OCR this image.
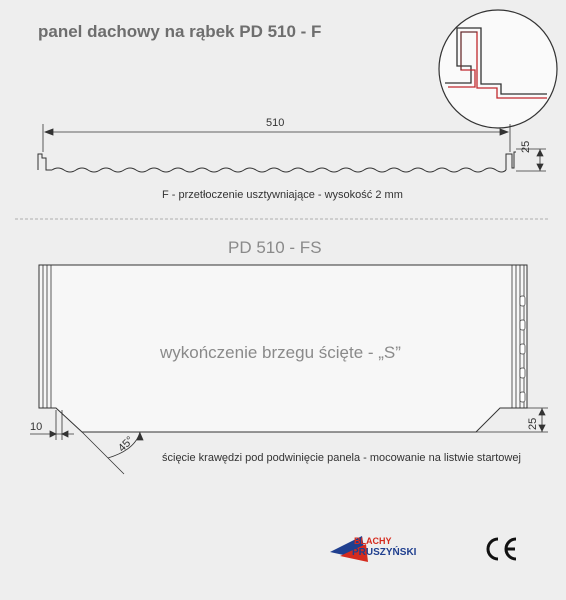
panel dachowy na rąbek PD 510 - F
510
25
F - przetłoczenie usztywniające - wysokość 2 mm
PD 510 - FS
wykończenie brzegu ścięte - „S”
10	25
45°
ścięcie krawędzi pod podwinięcie panela - mocowanie na listwie startowej
BLACHY
PRUSZYŃSKI
